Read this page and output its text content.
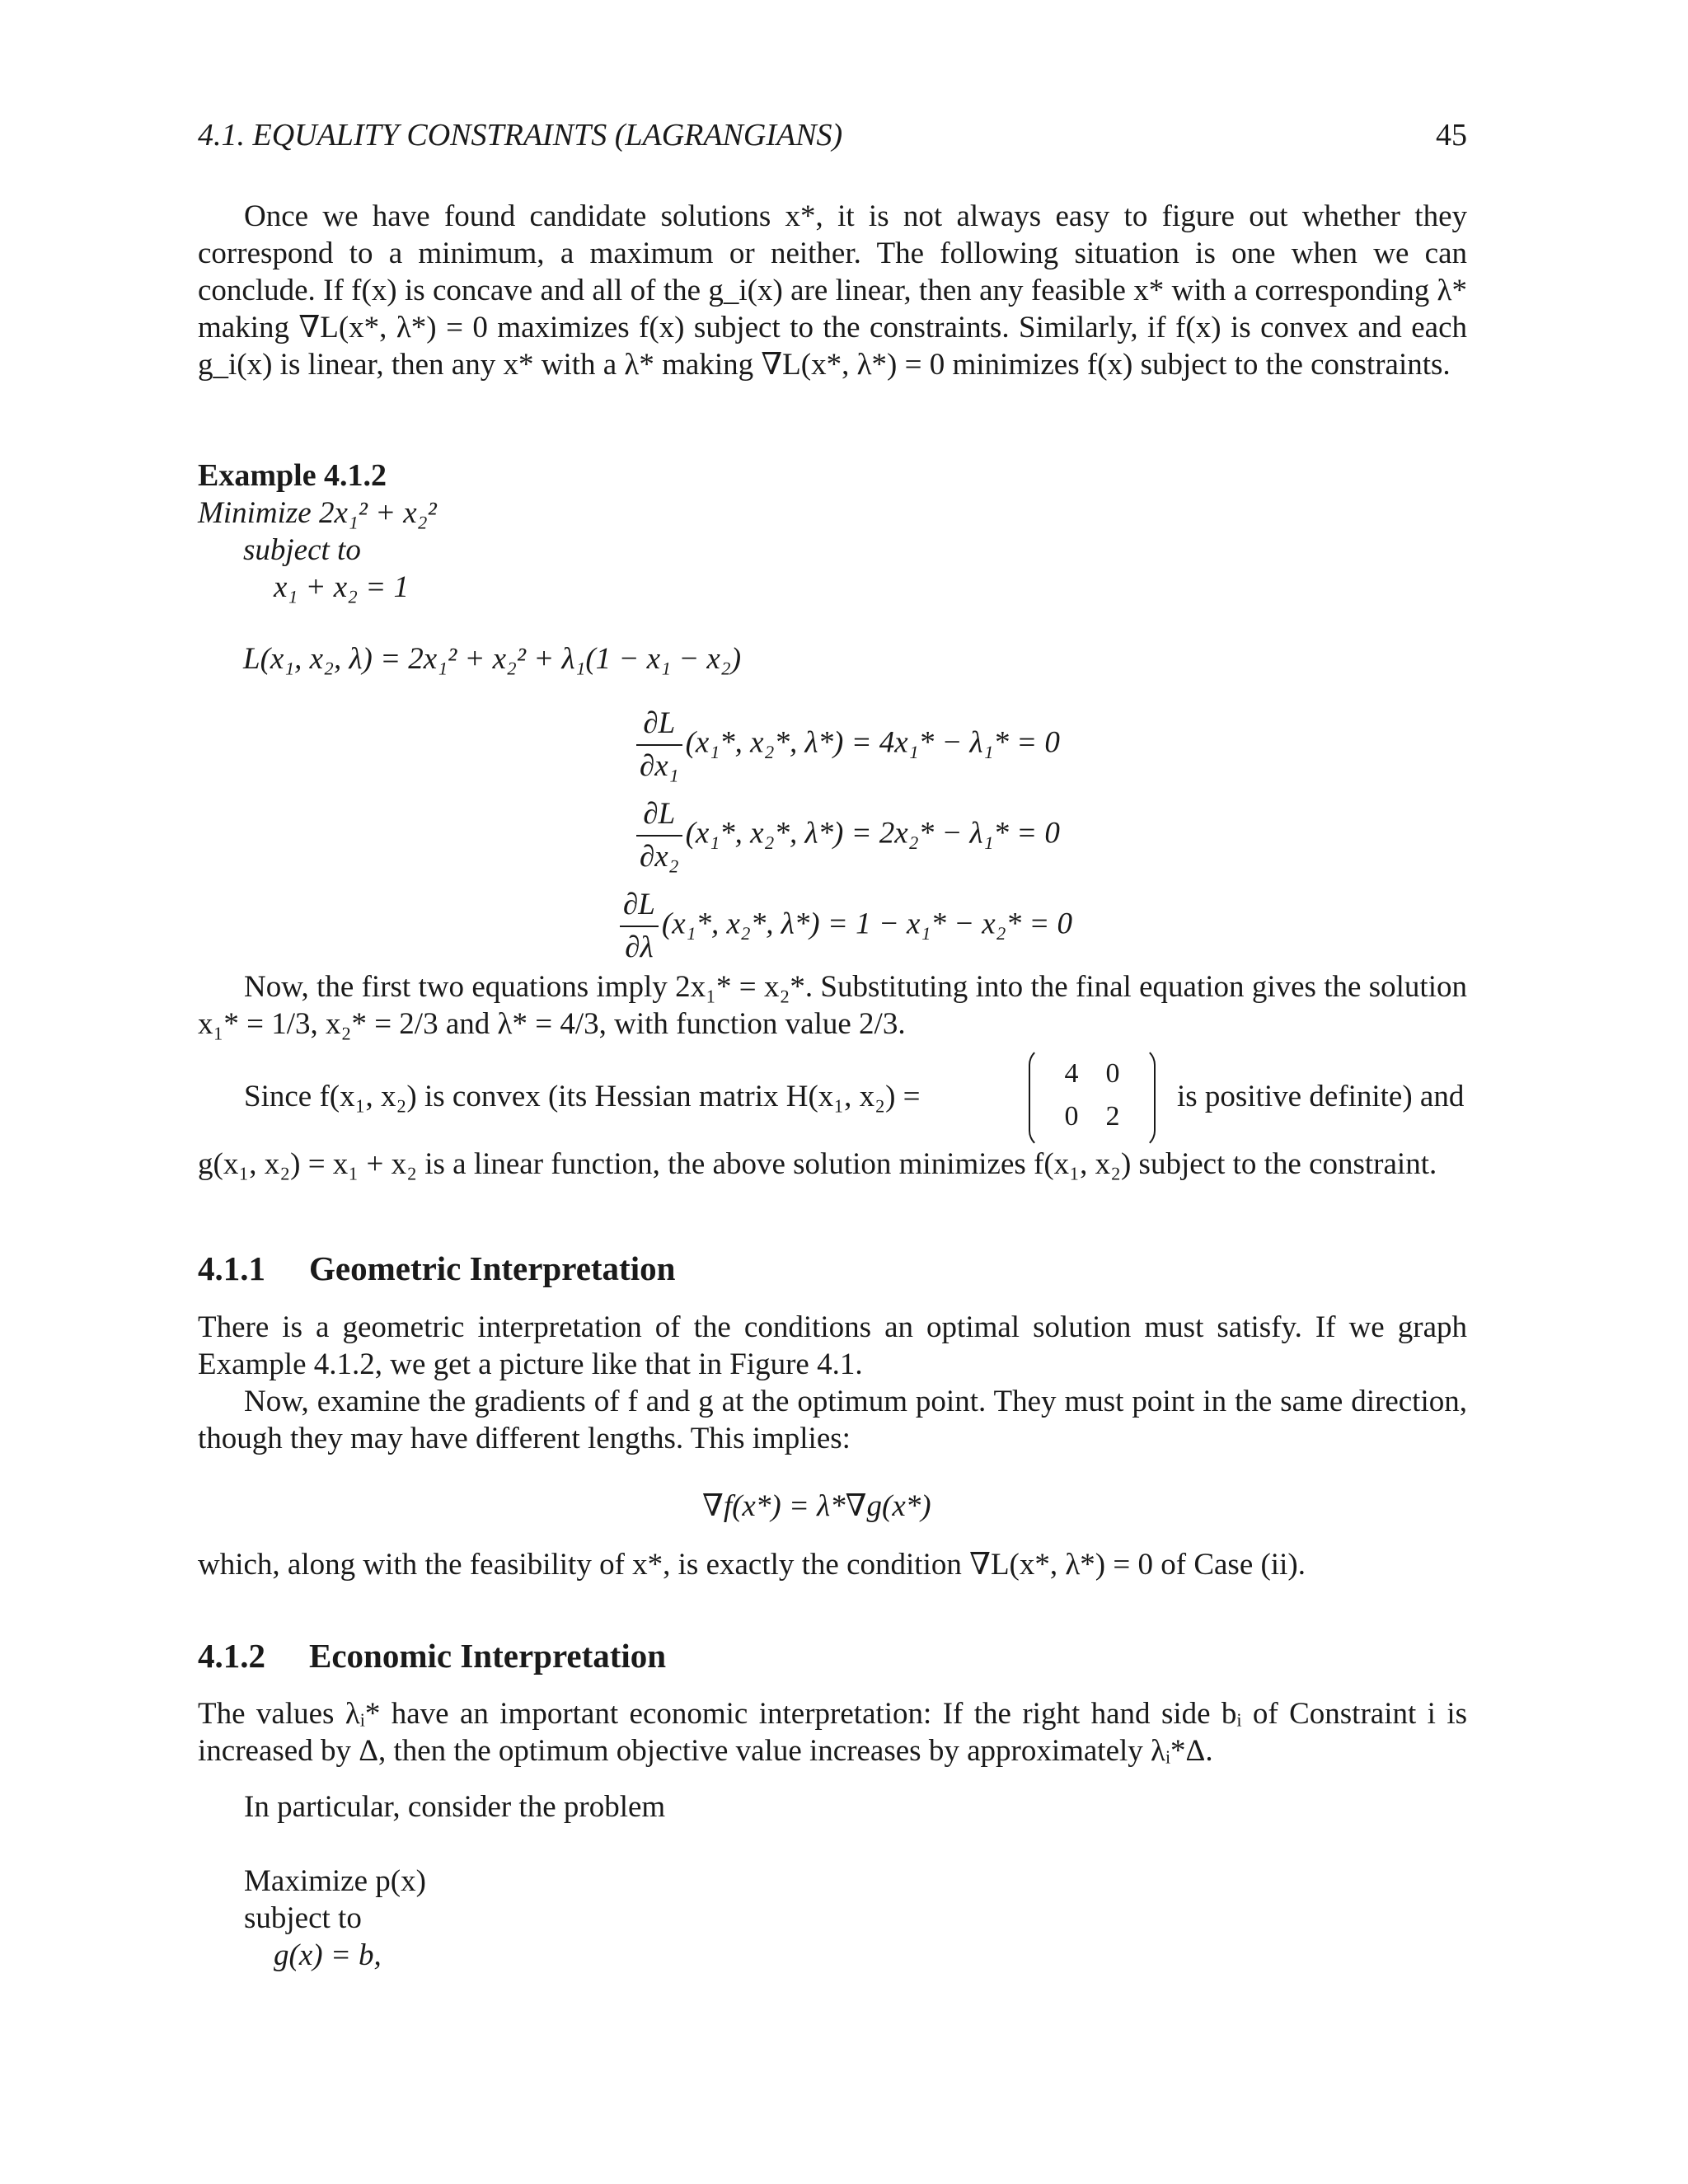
4.1. EQUALITY CONSTRAINTS (LAGRANGIANS)	45
Once we have found candidate solutions x*, it is not always easy to figure out whether they correspond to a minimum, a maximum or neither. The following situation is one when we can conclude. If f(x) is concave and all of the g_i(x) are linear, then any feasible x* with a corresponding λ* making ∇L(x*, λ*) = 0 maximizes f(x) subject to the constraints. Similarly, if f(x) is convex and each g_i(x) is linear, then any x* with a λ* making ∇L(x*, λ*) = 0 minimizes f(x) subject to the constraints.
Example 4.1.2
Minimize 2x₁² + x₂²
subject to
x₁ + x₂ = 1
L(x₁, x₂, λ) = 2x₁² + x₂² + λ₁(1 − x₁ − x₂)
$\frac{\partial L}{\text{∂x₁}} (x_1*$, x₂*, λ*) = 4x₁* − λ₁* = 0
$\frac{\partial L}{\text{∂x₂}} (x_1*$, x₂*, λ*) = 2x₂* − λ₁* = 0
$\frac{\partial L}{\partial\lambda} (x_1*$, x₂*, λ*) = 1 − x₁* − x₂* = 0
Now, the first two equations imply 2x₁* = x₂*. Substituting into the final equation gives the solution x₁* = 1/3, x₂* = 2/3 and λ* = 4/3, with function value 2/3.
Since f(x₁, x₂) is convex (its Hessian matrix H(x₁, x₂) =
4 0
0 2
is positive definite) and
g(x₁, x₂) = x₁ + x₂ is a linear function, the above solution minimizes f(x₁, x₂) subject to the constraint.
4.1.1 Geometric Interpretation
There is a geometric interpretation of the conditions an optimal solution must satisfy. If we graph Example 4.1.2, we get a picture like that in Figure 4.1.
Now, examine the gradients of f and g at the optimum point. They must point in the same direction, though they may have different lengths. This implies:
∇f(x*) = λ*∇g(x*)
which, along with the feasibility of x*, is exactly the condition ∇L(x*, λ*) = 0 of Case (ii).
4.1.2 Economic Interpretation
The values λᵢ* have an important economic interpretation: If the right hand side bᵢ of Constraint i is increased by Δ, then the optimum objective value increases by approximately λᵢ*Δ.
In particular, consider the problem
Maximize p(x)
subject to
g(x) = b,
